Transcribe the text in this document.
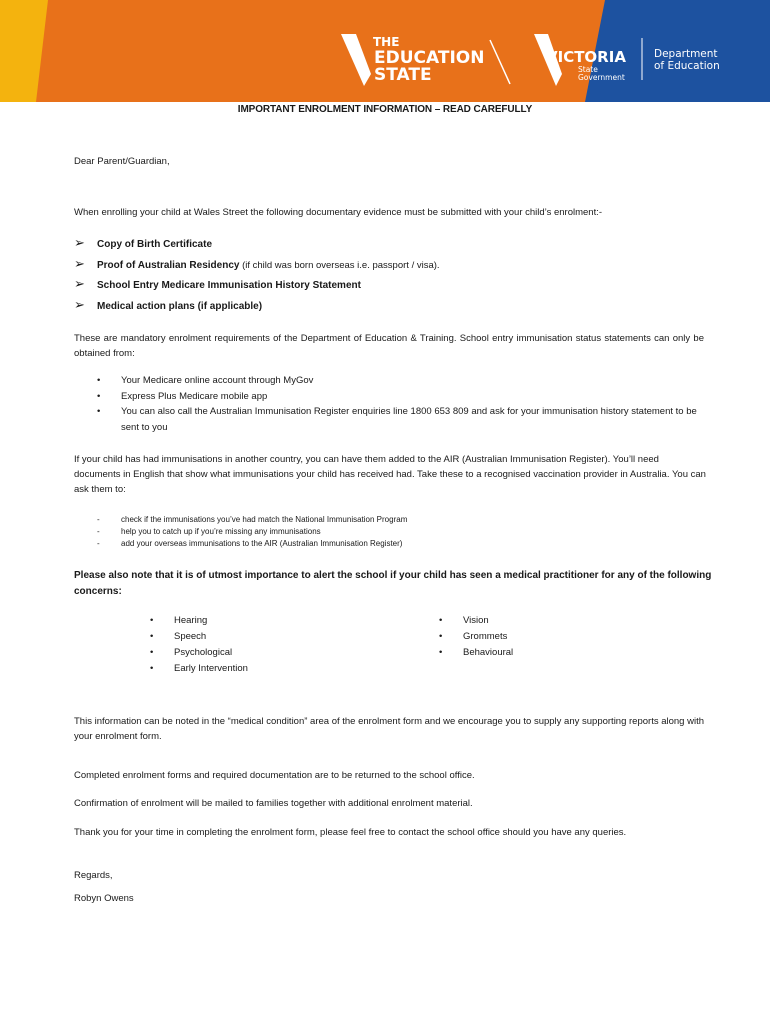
THE
EDUCATION
STATE
VICTORIA
State
Government
Department
of Education
IMPORTANT ENROLMENT INFORMATION – READ CAREFULLY
Dear Parent/Guardian,
When enrolling your child at Wales Street the following documentary evidence must be submitted with your child’s enrolment:-
➢ Copy of Birth Certificate
➢ Proof of Australian Residency (if child was born overseas i.e. passport / visa).
➢ School Entry Medicare Immunisation History Statement
➢ Medical action plans (if applicable)
These are mandatory enrolment requirements of the Department of Education & Training. School entry immunisation status statements can only be obtained from:
• Your Medicare online account through MyGov
• Express Plus Medicare mobile app
• You can also call the Australian Immunisation Register enquiries line 1800 653 809 and ask for your immunisation history statement to be sent to you
If your child has had immunisations in another country, you can have them added to the AIR (Australian Immunisation Register). You’ll need documents in English that show what immunisations your child has received had. Take these to a recognised vaccination provider in Australia. You can ask them to:
-	check if the immunisations you’ve had match the National Immunisation Program
-	help you to catch up if you’re missing any immunisations
-	add your overseas immunisations to the AIR (Australian Immunisation Register)
Please also note that it is of utmost importance to alert the school if your child has seen a medical practitioner for any of the following concerns:
• Hearing
• Speech
• Psychological
• Early Intervention
• Vision
• Grommets
• Behavioural
This information can be noted in the “medical condition” area of the enrolment form and we encourage you to supply any supporting reports along with your enrolment form.
Completed enrolment forms and required documentation are to be returned to the school office.
Confirmation of enrolment will be mailed to families together with additional enrolment material.
Thank you for your time in completing the enrolment form, please feel free to contact the school office should you have any queries.
Regards,
Robyn Owens
